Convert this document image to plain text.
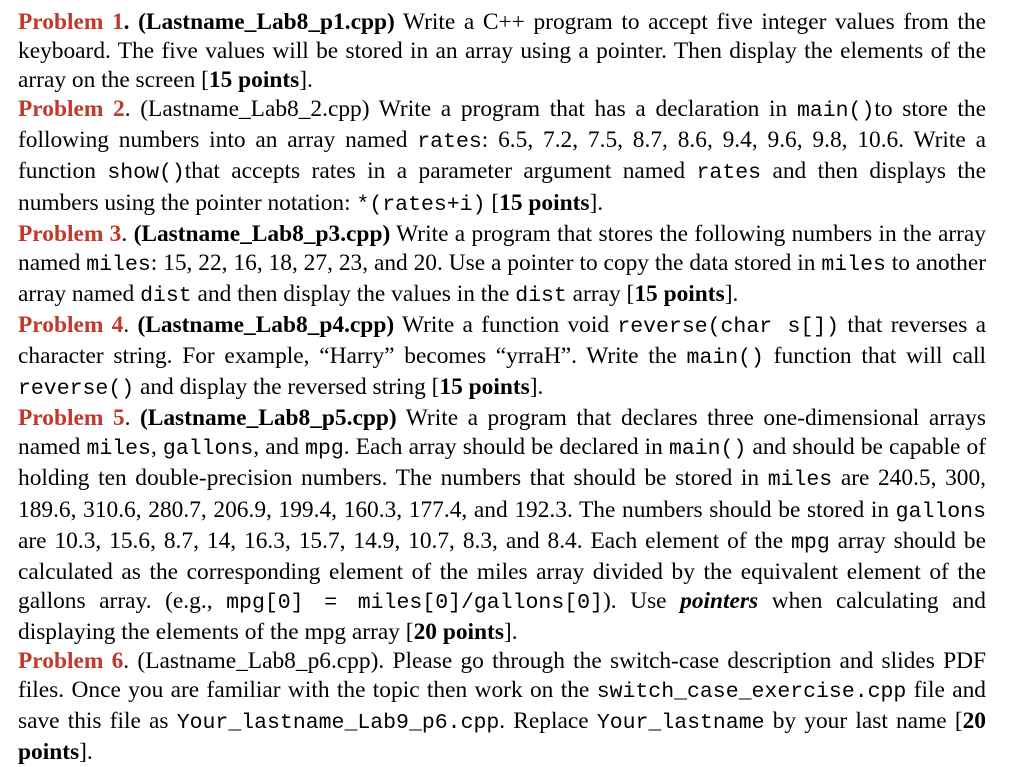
Problem 1. (Lastname_Lab8_p1.cpp) Write a C++ program to accept five integer values from the keyboard. The five values will be stored in an array using a pointer. Then display the elements of the array on the screen [15 points].

Problem 2. (Lastname_Lab8_2.cpp) Write a program that has a declaration in main()to store the following numbers into an array named rates: 6.5, 7.2, 7.5, 8.7, 8.6, 9.4, 9.6, 9.8, 10.6. Write a function show()that accepts rates in a parameter argument named rates and then displays the numbers using the pointer notation: *(rates+i) [15 points].

Problem 3. (Lastname_Lab8_p3.cpp) Write a program that stores the following numbers in the array named miles: 15, 22, 16, 18, 27, 23, and 20. Use a pointer to copy the data stored in miles to another array named dist and then display the values in the dist array [15 points].

Problem 4. (Lastname_Lab8_p4.cpp) Write a function void reverse(char s[]) that reverses a character string. For example, “Harry” becomes “yrraH”. Write the main() function that will call reverse() and display the reversed string [15 points].

Problem 5. (Lastname_Lab8_p5.cpp) Write a program that declares three one-dimensional arrays named miles, gallons, and mpg. Each array should be declared in main() and should be capable of holding ten double-precision numbers. The numbers that should be stored in miles are 240.5, 300, 189.6, 310.6, 280.7, 206.9, 199.4, 160.3, 177.4, and 192.3. The numbers should be stored in gallons are 10.3, 15.6, 8.7, 14, 16.3, 15.7, 14.9, 10.7, 8.3, and 8.4. Each element of the mpg array should be calculated as the corresponding element of the miles array divided by the equivalent element of the gallons array. (e.g., mpg[0] = miles[0]/gallons[0]). Use pointers when calculating and displaying the elements of the mpg array [20 points].

Problem 6. (Lastname_Lab8_p6.cpp). Please go through the switch-case description and slides PDF files. Once you are familiar with the topic then work on the switch_case_exercise.cpp file and save this file as Your_lastname_Lab9_p6.cpp. Replace Your_lastname by your last name [20 points].
